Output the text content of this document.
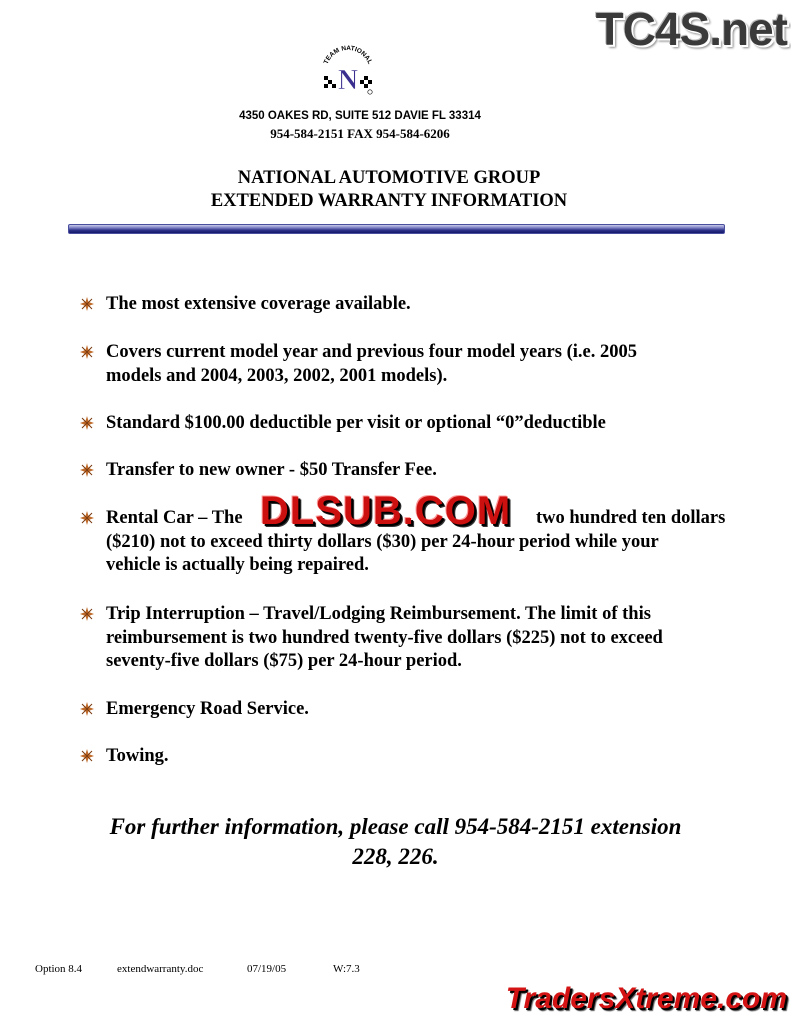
TEAM NATIONAL
N
4350 OAKES RD, SUITE 512 DAVIE FL 33314
954-584-2151 FAX 954-584-6206
NATIONAL AUTOMOTIVE GROUP
EXTENDED WARRANTY INFORMATION
The most extensive coverage available.
Covers current model year and previous four model years (i.e. 2005
models and 2004, 2003, 2002, 2001 models).
Standard $100.00 deductible per visit or optional “0”deductible
Transfer to new owner - $50 Transfer Fee.
Rental Car – The	two hundred ten dollars
($210) not to exceed thirty dollars ($30) per 24-hour period while your
vehicle is actually being repaired.
Trip Interruption – Travel/Lodging Reimbursement. The limit of this
reimbursement is two hundred twenty-five dollars ($225) not to exceed
seventy-five dollars ($75) per 24-hour period.
Emergency Road Service.
Towing.
For further information, please call 954-584-2151 extension
228, 226.
Option 8.4	extendwarranty.doc	07/19/05	W:7.3
TC4S.net
DLSUB.COM
TradersXtreme.com
